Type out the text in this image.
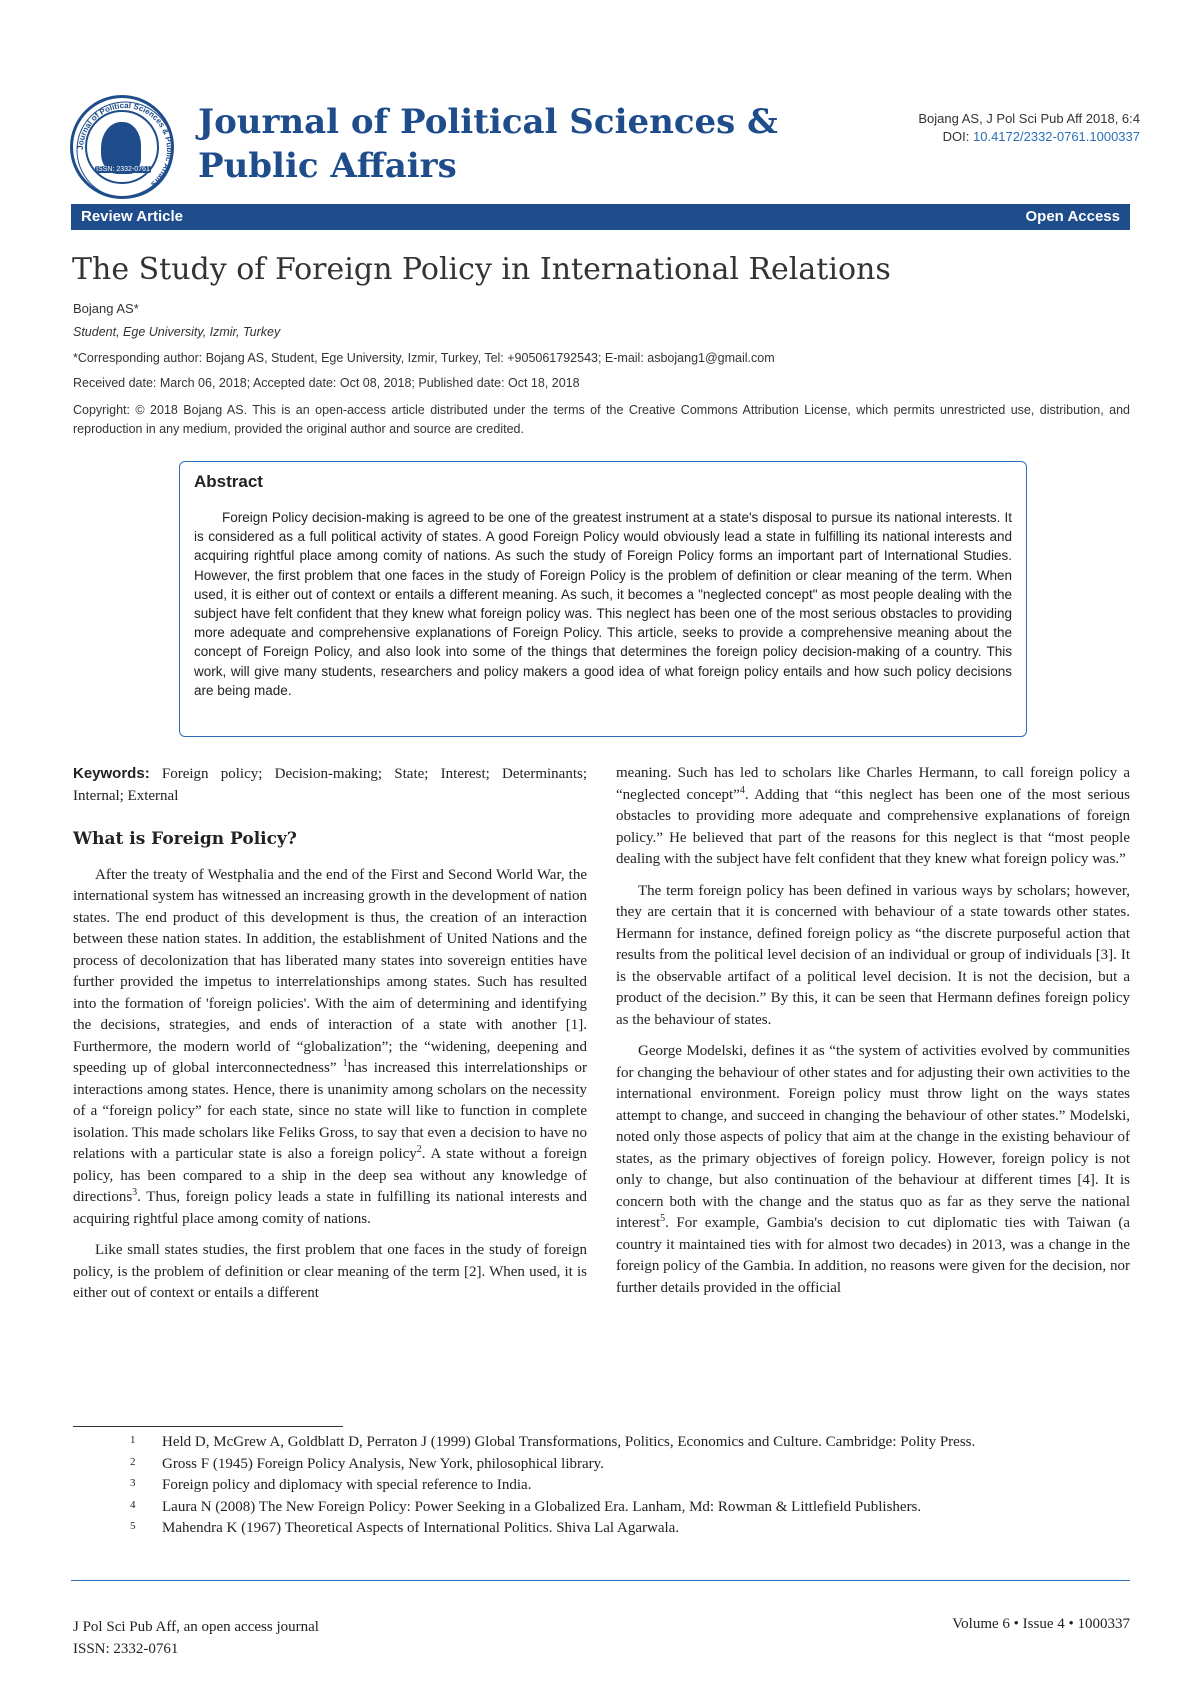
Journal of Political Sciences & Public Affairs
ISSN: 2332-0761
Journal of Political Sciences & Public Affairs
Bojang AS, J Pol Sci Pub Aff 2018, 6:4
DOI: 10.4172/2332-0761.1000337
Review Article	Open Access
The Study of Foreign Policy in International Relations
Bojang AS*
Student, Ege University, Izmir, Turkey
*Corresponding author: Bojang AS, Student, Ege University, Izmir, Turkey, Tel: +905061792543; E-mail: asbojang1@gmail.com
Received date: March 06, 2018; Accepted date: Oct 08, 2018; Published date: Oct 18, 2018
Copyright: © 2018 Bojang AS. This is an open-access article distributed under the terms of the Creative Commons Attribution License, which permits unrestricted use, distribution, and reproduction in any medium, provided the original author and source are credited.
Abstract

Foreign Policy decision-making is agreed to be one of the greatest instrument at a state's disposal to pursue its national interests. It is considered as a full political activity of states. A good Foreign Policy would obviously lead a state in fulfilling its national interests and acquiring rightful place among comity of nations. As such the study of Foreign Policy forms an important part of International Studies. However, the first problem that one faces in the study of Foreign Policy is the problem of definition or clear meaning of the term. When used, it is either out of context or entails a different meaning. As such, it becomes a "neglected concept" as most people dealing with the subject have felt confident that they knew what foreign policy was. This neglect has been one of the most serious obstacles to providing more adequate and comprehensive explanations of Foreign Policy. This article, seeks to provide a comprehensive meaning about the concept of Foreign Policy, and also look into some of the things that determines the foreign policy decision-making of a country. This work, will give many students, researchers and policy makers a good idea of what foreign policy entails and how such policy decisions are being made.

Keywords: Foreign policy; Decision-making; State; Interest; Determinants; Internal; External

What is Foreign Policy?

After the treaty of Westphalia and the end of the First and Second World War, the international system has witnessed an increasing growth in the development of nation states. The end product of this development is thus, the creation of an interaction between these nation states. In addition, the establishment of United Nations and the process of decolonization that has liberated many states into sovereign entities have further provided the impetus to interrelationships among states. Such has resulted into the formation of 'foreign policies'. With the aim of determining and identifying the decisions, strategies, and ends of interaction of a state with another [1]. Furthermore, the modern world of “globalization”; the “widening, deepening and speeding up of global interconnectedness” $^1$has increased this interrelationships or interactions among states. Hence, there is unanimity among scholars on the necessity of a “foreign policy” for each state, since no state will like to function in complete isolation. This made scholars like Feliks Gross, to say that even a decision to have no relations with a particular state is also a foreign policy$^2$. A state without a foreign policy, has been compared to a ship in the deep sea without any knowledge of directions$^3$. Thus, foreign policy leads a state in fulfilling its national interests and acquiring rightful place among comity of nations.

Like small states studies, the first problem that one faces in the study of foreign policy, is the problem of definition or clear meaning of the term [2]. When used, it is either out of context or entails a different

meaning. Such has led to scholars like Charles Hermann, to call foreign policy a “neglected concept”$^4$. Adding that “this neglect has been one of the most serious obstacles to providing more adequate and comprehensive explanations of foreign policy.” He believed that part of the reasons for this neglect is that “most people dealing with the subject have felt confident that they knew what foreign policy was.”

The term foreign policy has been defined in various ways by scholars; however, they are certain that it is concerned with behaviour of a state towards other states. Hermann for instance, defined foreign policy as “the discrete purposeful action that results from the political level decision of an individual or group of individuals [3]. It is the observable artifact of a political level decision. It is not the decision, but a product of the decision.” By this, it can be seen that Hermann defines foreign policy as the behaviour of states.

George Modelski, defines it as “the system of activities evolved by communities for changing the behaviour of other states and for adjusting their own activities to the international environment. Foreign policy must throw light on the ways states attempt to change, and succeed in changing the behaviour of other states.” Modelski, noted only those aspects of policy that aim at the change in the existing behaviour of states, as the primary objectives of foreign policy. However, foreign policy is not only to change, but also continuation of the behaviour at different times [4]. It is concern both with the change and the status quo as far as they serve the national interest$^5$. For example, Gambia's decision to cut diplomatic ties with Taiwan (a country it maintained ties with for almost two decades) in 2013, was a change in the foreign policy of the Gambia. In addition, no reasons were given for the decision, nor further details provided in the official

1 Held D, McGrew A, Goldblatt D, Perraton J (1999) Global Transformations, Politics, Economics and Culture. Cambridge: Polity Press.
2 Gross F (1945) Foreign Policy Analysis, New York, philosophical library.
3 Foreign policy and diplomacy with special reference to India.
4 Laura N (2008) The New Foreign Policy: Power Seeking in a Globalized Era. Lanham, Md: Rowman & Littlefield Publishers.
5 Mahendra K (1967) Theoretical Aspects of International Politics. Shiva Lal Agarwala.
J Pol Sci Pub Aff, an open access journal
ISSN: 2332-0761
Volume 6 • Issue 4 • 1000337
